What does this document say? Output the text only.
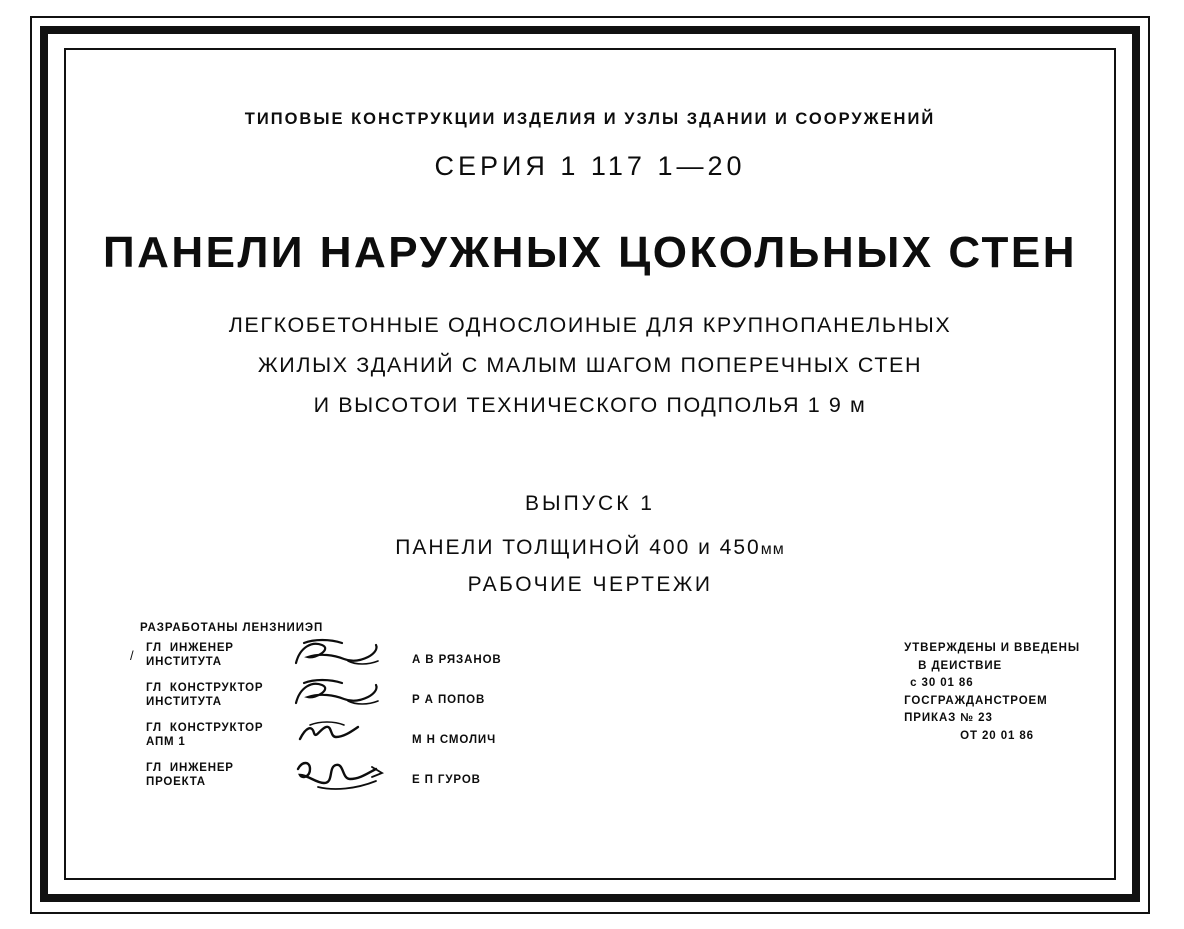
ТИПОВЫЕ КОНСТРУКЦИИ ИЗДЕЛИЯ И УЗЛЫ ЗДАНИИ И СООРУЖЕНИЙ
СЕРИЯ 1 117 1—20
ПАНЕЛИ НАРУЖНЫХ ЦОКОЛЬНЫХ СТЕН
ЛЕГКОБЕТОННЫЕ ОДНОСЛОИНЫЕ ДЛЯ КРУПНОПАНЕЛЬНЫХ
ЖИЛЫХ ЗДАНИЙ С МАЛЫМ ШАГОМ ПОПЕРЕЧНЫХ СТЕН
И ВЫСОТОИ ТЕХНИЧЕСКОГО ПОДПОЛЬЯ 1 9 м
ВЫПУСК 1
ПАНЕЛИ ТОЛЩИНОЙ 400 и 450мм
РАБОЧИЕ ЧЕРТЕЖИ
РАЗРАБОТАНЫ ЛЕНЗНИИЭП
ГЛ  ИНЖЕНЕР
ИНСТИТУТА	А В РЯЗАНОВ
ГЛ  КОНСТРУКТОР
ИНСТИТУТА	Р А ПОПОВ
ГЛ  КОНСТРУКТОР
АПМ 1	М Н СМОЛИЧ
ГЛ  ИНЖЕНЕР
ПРОЕКТА	Е П ГУРОВ
/	УТВЕРЖДЕНЫ И ВВЕДЕНЫ
В ДЕИСТВИЕ
с 30 01 86
ГОСГРАЖДАНСТРОЕМ
ПРИКАЗ № 23
ОТ 20 01 86
